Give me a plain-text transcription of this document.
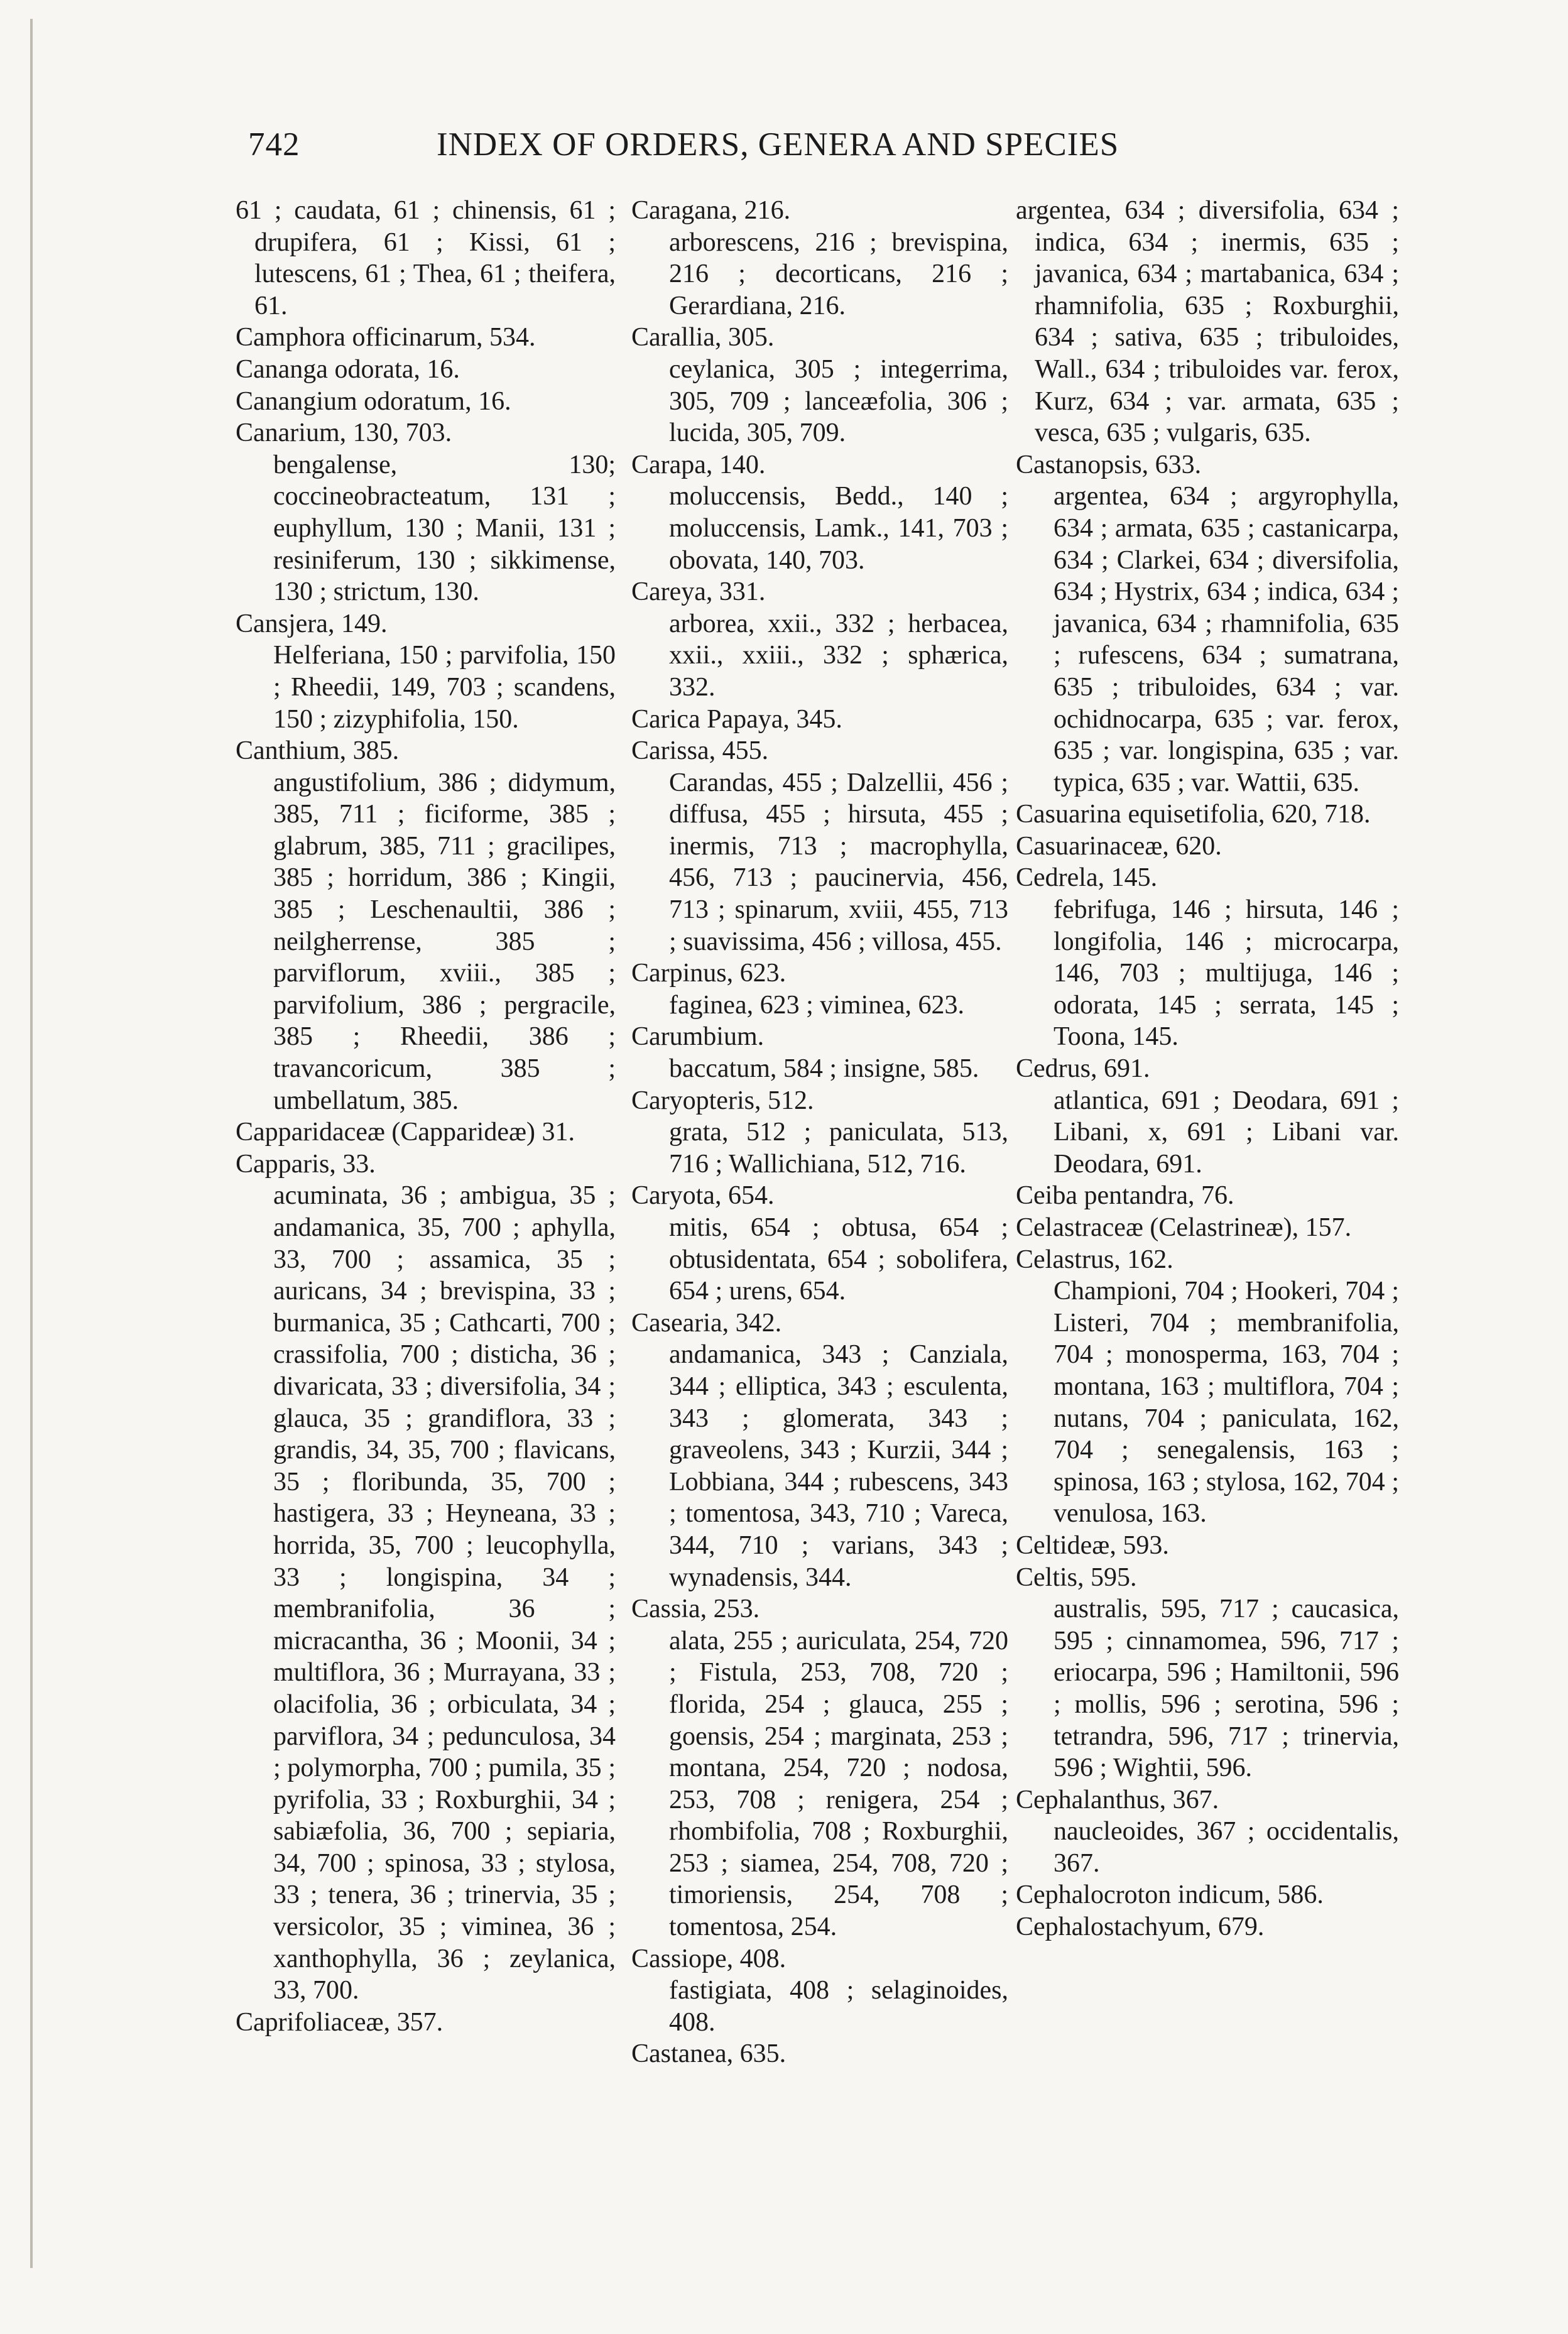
742	INDEX OF ORDERS, GENERA AND SPECIES

61 ; caudata, 61 ; chinensis, 61 ; drupifera, 61 ; Kissi, 61 ; lutescens, 61 ; Thea, 61 ; theifera, 61.

Camphora officinarum, 534.

Cananga odorata, 16.

Canangium odoratum, 16.

Canarium, 130, 703.

bengalense, 130; coccineobracteatum, 131 ; euphyllum, 130 ; Manii, 131 ; resiniferum, 130 ; sikkimense, 130 ; strictum, 130.

Cansjera, 149.

Helferiana, 150 ; parvifolia, 150 ; Rheedii, 149, 703 ; scandens, 150 ; zizyphifolia, 150.

Canthium, 385.

angustifolium, 386 ; didymum, 385, 711 ; ficiforme, 385 ; glabrum, 385, 711 ; gracilipes, 385 ; horridum, 386 ; Kingii, 385 ; Leschenaultii, 386 ; neilgherrense, 385 ; parviflorum, xviii., 385 ; parvifolium, 386 ; pergracile, 385 ; Rheedii, 386 ; travancoricum, 385 ; umbellatum, 385.

Capparidaceæ (Capparideæ) 31.

Capparis, 33.

acuminata, 36 ; ambigua, 35 ; andamanica, 35, 700 ; aphylla, 33, 700 ; assamica, 35 ; auricans, 34 ; brevispina, 33 ; burmanica, 35 ; Cathcarti, 700 ; crassifolia, 700 ; disticha, 36 ; divaricata, 33 ; diversifolia, 34 ; glauca, 35 ; grandiflora, 33 ; grandis, 34, 35, 700 ; flavicans, 35 ; floribunda, 35, 700 ; hastigera, 33 ; Heyneana, 33 ; horrida, 35, 700 ; leucophylla, 33 ; longispina, 34 ; membranifolia, 36 ; micracantha, 36 ; Moonii, 34 ; multiflora, 36 ; Murrayana, 33 ; olacifolia, 36 ; orbiculata, 34 ; parviflora, 34 ; pedunculosa, 34 ; polymorpha, 700 ; pumila, 35 ; pyrifolia, 33 ; Roxburghii, 34 ; sabiæfolia, 36, 700 ; sepiaria, 34, 700 ; spinosa, 33 ; stylosa, 33 ; tenera, 36 ; trinervia, 35 ; versicolor, 35 ; viminea, 36 ; xanthophylla, 36 ; zeylanica, 33, 700.

Caprifoliaceæ, 357.

Caragana, 216.

arborescens, 216 ; brevispina, 216 ; decorticans, 216 ; Gerardiana, 216.

Carallia, 305.

ceylanica, 305 ; integerrima, 305, 709 ; lanceæfolia, 306 ; lucida, 305, 709.

Carapa, 140.

moluccensis, Bedd., 140 ; moluccensis, Lamk., 141, 703 ; obovata, 140, 703.

Careya, 331.

arborea, xxii., 332 ; herbacea, xxii., xxiii., 332 ; sphærica, 332.

Carica Papaya, 345.

Carissa, 455.

Carandas, 455 ; Dalzellii, 456 ; diffusa, 455 ; hirsuta, 455 ; inermis, 713 ; macrophylla, 456, 713 ; paucinervia, 456, 713 ; spinarum, xviii, 455, 713 ; suavissima, 456 ; villosa, 455.

Carpinus, 623.

faginea, 623 ; viminea, 623.

Carumbium.

baccatum, 584 ; insigne, 585.

Caryopteris, 512.

grata, 512 ; paniculata, 513, 716 ; Wallichiana, 512, 716.

Caryota, 654.

mitis, 654 ; obtusa, 654 ; obtusidentata, 654 ; sobolifera, 654 ; urens, 654.

Casearia, 342.

andamanica, 343 ; Canziala, 344 ; elliptica, 343 ; esculenta, 343 ; glomerata, 343 ; graveolens, 343 ; Kurzii, 344 ; Lobbiana, 344 ; rubescens, 343 ; tomentosa, 343, 710 ; Vareca, 344, 710 ; varians, 343 ; wynadensis, 344.

Cassia, 253.

alata, 255 ; auriculata, 254, 720 ; Fistula, 253, 708, 720 ; florida, 254 ; glauca, 255 ; goensis, 254 ; marginata, 253 ; montana, 254, 720 ; nodosa, 253, 708 ; renigera, 254 ; rhombifolia, 708 ; Roxburghii, 253 ; siamea, 254, 708, 720 ; timoriensis, 254, 708 ; tomentosa, 254.

Cassiope, 408.

fastigiata, 408 ; selaginoides, 408.

Castanea, 635.

argentea, 634 ; diversifolia, 634 ; indica, 634 ; inermis, 635 ; javanica, 634 ; martabanica, 634 ; rhamnifolia, 635 ; Roxburghii, 634 ; sativa, 635 ; tribuloides, Wall., 634 ; tribuloides var. ferox, Kurz, 634 ; var. armata, 635 ; vesca, 635 ; vulgaris, 635.

Castanopsis, 633.

argentea, 634 ; argyrophylla, 634 ; armata, 635 ; castanicarpa, 634 ; Clarkei, 634 ; diversifolia, 634 ; Hystrix, 634 ; indica, 634 ; javanica, 634 ; rhamnifolia, 635 ; rufescens, 634 ; sumatrana, 635 ; tribuloides, 634 ; var. ochidnocarpa, 635 ; var. ferox, 635 ; var. longispina, 635 ; var. typica, 635 ; var. Wattii, 635.

Casuarina equisetifolia, 620, 718.

Casuarinaceæ, 620.

Cedrela, 145.

febrifuga, 146 ; hirsuta, 146 ; longifolia, 146 ; microcarpa, 146, 703 ; multijuga, 146 ; odorata, 145 ; serrata, 145 ; Toona, 145.

Cedrus, 691.

atlantica, 691 ; Deodara, 691 ; Libani, x, 691 ; Libani var. Deodara, 691.

Ceiba pentandra, 76.

Celastraceæ (Celastrineæ), 157.

Celastrus, 162.

Championi, 704 ; Hookeri, 704 ; Listeri, 704 ; membranifolia, 704 ; monosperma, 163, 704 ; montana, 163 ; multiflora, 704 ; nutans, 704 ; paniculata, 162, 704 ; senegalensis, 163 ; spinosa, 163 ; stylosa, 162, 704 ; venulosa, 163.

Celtideæ, 593.

Celtis, 595.

australis, 595, 717 ; caucasica, 595 ; cinnamomea, 596, 717 ; eriocarpa, 596 ; Hamiltonii, 596 ; mollis, 596 ; serotina, 596 ; tetrandra, 596, 717 ; trinervia, 596 ; Wightii, 596.

Cephalanthus, 367.

naucleoides, 367 ; occidentalis, 367.

Cephalocroton indicum, 586.

Cephalostachyum, 679.
